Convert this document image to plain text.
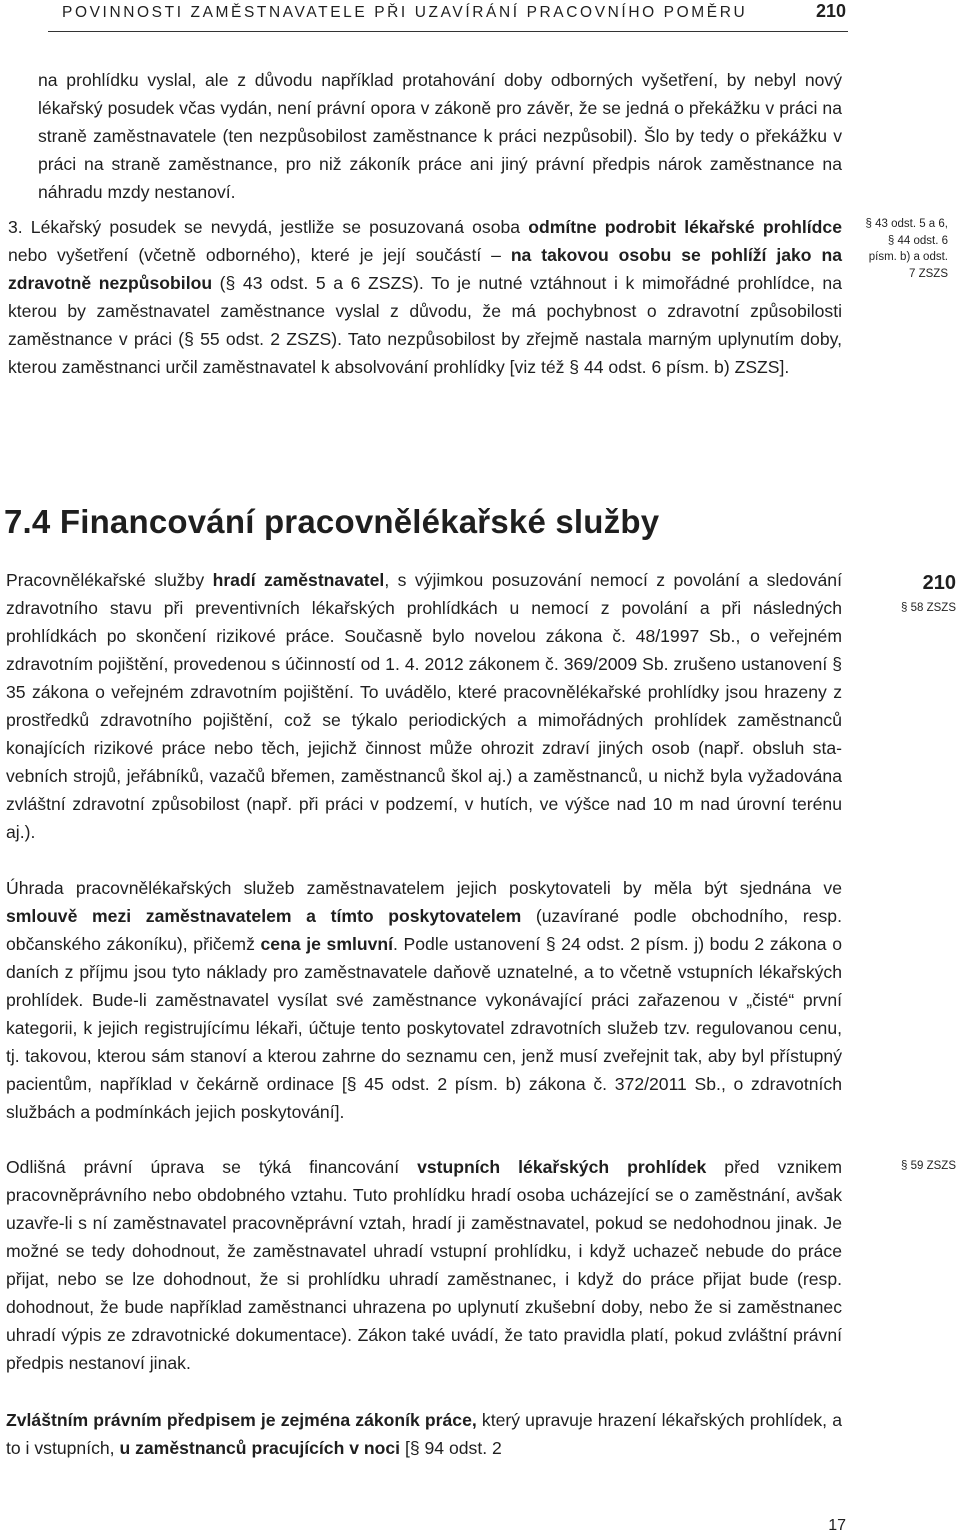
POVINNOSTI ZAMĚSTNAVATELE PŘI UZAVÍRÁNÍ PRACOVNÍHO POMĚRU	210
na prohlídku vyslal, ale z důvodu například protahování doby odborných vyšetření, by nebyl nový lékařský posudek včas vydán, není právní opora v zákoně pro závěr, že se jedná o překážku v práci na straně zaměstnavatele (ten nezpůsobilost zaměstnance k práci nezpůsobil). Šlo by tedy o překážku v práci na straně zaměstnance, pro niž zákoník práce ani jiný právní předpis nárok zaměstnance na náhradu mzdy nestanoví.
3. Lékařský posudek se nevydá, jestliže se posuzovaná osoba odmítne podrobit lékařské prohlídce nebo vyšetření (včetně odborného), které je její součástí – na takovou osobu se pohlíží jako na zdravotně nezpůsobilou (§ 43 odst. 5 a 6 ZSZS). To je nutné vztáhnout i k mimořádné prohlídce, na kterou by zaměstnavatel zaměstnance vyslal z důvodu, že má pochybnost o zdravotní způsobilosti zaměstnance v práci (§ 55 odst. 2 ZSZS). Tato nezpůsobilost by zřejmě nastala marným uplynutím doby, kterou zaměstnanci určil zaměstnavatel k absolvování prohlídky [viz též § 44 odst. 6 písm. b) ZSZS].
§ 43 odst. 5 a 6, § 44 odst. 6 písm. b) a odst. 7 ZSZS
7.4 Financování pracovnělékařské služby
Pracovnělékařské služby hradí zaměstnavatel, s výjimkou posuzování nemocí z povolání a sledování zdravotního stavu při preventivních lékařských prohlídkách u nemocí z povolání a při následných prohlídkách po skončení rizikové práce. Současně bylo novelou zákona č. 48/1997 Sb., o veřejném zdravotním pojištění, provedenou s účinností od 1. 4. 2012 zákonem č. 369/2009 Sb. zrušeno ustanovení § 35 zákona o veřejném zdravotním pojištění. To uvádělo, které pracovnělékařské prohlídky jsou hrazeny z prostředků zdravotního pojištění, což se týkalo periodických a mimořádných prohlídek zaměstnanců konajících rizikové práce nebo těch, jejichž činnost může ohrozit zdraví jiných osob (např. obsluh stavebních strojů, jeřábníků, vazačů břemen, zaměstnanců škol aj.) a zaměstnanců, u nichž byla vyžadována zvláštní zdravotní způsobilost (např. při práci v podzemí, v hutích, ve výšce nad 10 m nad úrovní terénu aj.).
210
§ 58 ZSZS
Úhrada pracovnělékařských služeb zaměstnavatelem jejich poskytovateli by měla být sjednána ve smlouvě mezi zaměstnavatelem a tímto poskytovatelem (uzavírané podle obchodního, resp. občanského zákoníku), přičemž cena je smluvní. Podle ustanovení § 24 odst. 2 písm. j) bodu 2 zákona o daních z příjmu jsou tyto náklady pro zaměstnavatele daňově uznatelné, a to včetně vstupních lékařských prohlídek. Bude-li zaměstnavatel vysílat své zaměstnance vykonávající práci zařazenou v „čisté“ první kategorii, k jejich registrujícímu lékaři, účtuje tento poskytovatel zdravotních služeb tzv. regulovanou cenu, tj. takovou, kterou sám stanoví a kterou zahrne do seznamu cen, jenž musí zveřejnit tak, aby byl přístupný pacientům, například v čekárně ordinace [§ 45 odst. 2 písm. b) zákona č. 372/2011 Sb., o zdravotních službách a podmínkách jejich poskytování].
Odlišná právní úprava se týká financování vstupních lékařských prohlídek před vznikem pracovněprávního nebo obdobného vztahu. Tuto prohlídku hradí osoba ucházející se o zaměstnání, avšak uzavře-li s ní zaměstnavatel pracovněprávní vztah, hradí ji zaměstnavatel, pokud se nedohodnou jinak. Je možné se tedy dohodnout, že zaměstnavatel uhradí vstupní prohlídku, i když uchazeč nebude do práce přijat, nebo se lze dohodnout, že si prohlídku uhradí zaměstnanec, i když do práce přijat bude (resp. dohodnout, že bude například zaměstnanci uhrazena po uplynutí zkušební doby, nebo že si zaměstnanec uhradí výpis ze zdravotnické dokumentace). Zákon také uvádí, že tato pravidla platí, pokud zvláštní právní předpis nestanoví jinak.
§ 59 ZSZS
Zvláštním právním předpisem je zejména zákoník práce, který upravuje hrazení lékařských prohlídek, a to i vstupních, u zaměstnanců pracujících v noci [§ 94 odst. 2
17
